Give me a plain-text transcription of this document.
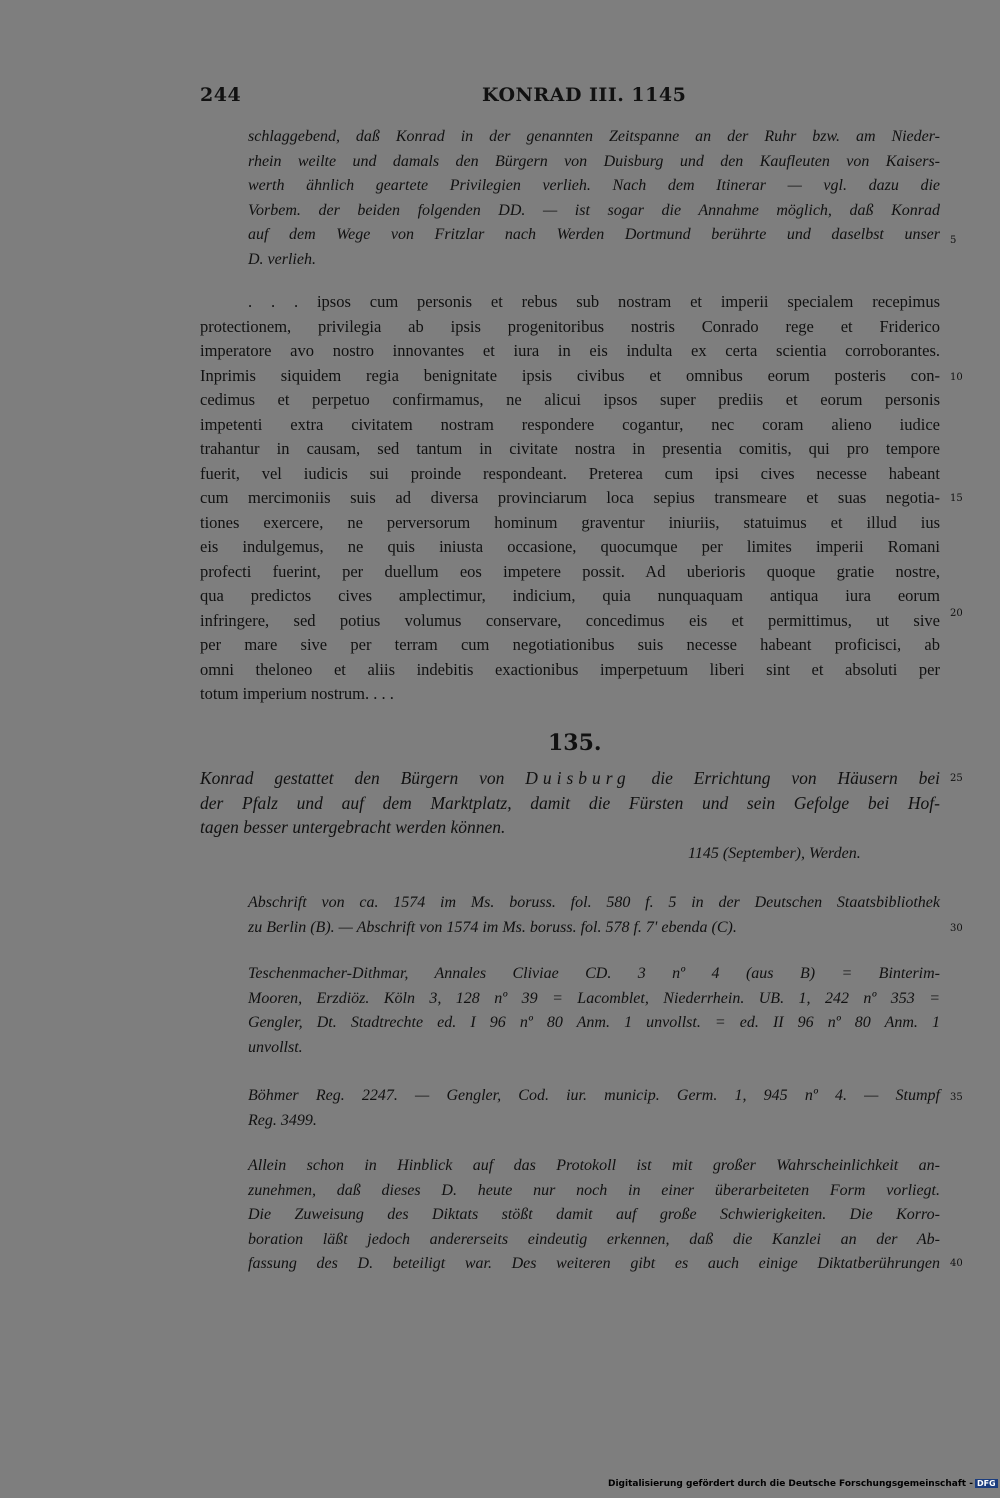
244	KONRAD III. 1145
schlaggebend, daß Konrad in der genannten Zeitspanne an der Ruhr bzw. am Nieder-
rhein weilte und damals den Bürgern von Duisburg und den Kaufleuten von Kaisers-
werth ähnlich geartete Privilegien verlieh. Nach dem Itinerar — vgl. dazu die
Vorbem. der beiden folgenden DD. — ist sogar die Annahme möglich, daß Konrad
auf dem Wege von Fritzlar nach Werden Dortmund berührte und daselbst unser
D. verlieh.
. . . ipsos cum personis et rebus sub nostram et imperii specialem recepimus
protectionem, privilegia ab ipsis progenitoribus nostris Conrado rege et Friderico
imperatore avo nostro innovantes et iura in eis indulta ex certa scientia corroborantes.
Inprimis siquidem regia benignitate ipsis civibus et omnibus eorum posteris con-
cedimus et perpetuo confirmamus, ne alicui ipsos super prediis et eorum personis
impetenti extra civitatem nostram respondere cogantur, nec coram alieno iudice
trahantur in causam, sed tantum in civitate nostra in presentia comitis, qui pro tempore
fuerit, vel iudicis sui proinde respondeant. Preterea cum ipsi cives necesse habeant
cum mercimoniis suis ad diversa provinciarum loca sepius transmeare et suas negotia-
tiones exercere, ne perversorum hominum graventur iniuriis, statuimus et illud ius
eis indulgemus, ne quis iniusta occasione, quocumque per limites imperii Romani
profecti fuerint, per duellum eos impetere possit. Ad uberioris quoque gratie nostre,
qua predictos cives amplectimur, indicium, quia nunquaquam antiqua iura eorum
infringere, sed potius volumus conservare, concedimus eis et permittimus, ut sive
per mare sive per terram cum negotiationibus suis necesse habeant proficisci, ab
omni theloneo et aliis indebitis exactionibus imperpetuum liberi sint et absoluti per
totum imperium nostrum. . . .
135.
Konrad gestattet den Bürgern von Duisburg die Errichtung von Häusern bei
der Pfalz und auf dem Marktplatz, damit die Fürsten und sein Gefolge bei Hof-
tagen besser untergebracht werden können.
1145 (September), Werden.
Abschrift von ca. 1574 im Ms. boruss. fol. 580 f. 5 in der Deutschen Staatsbibliothek
zu Berlin (B). — Abschrift von 1574 im Ms. boruss. fol. 578 f. 7' ebenda (C).
Teschenmacher-Dithmar, Annales Cliviae CD. 3 nº 4 (aus B) = Binterim-
Mooren, Erzdiöz. Köln 3, 128 nº 39 = Lacomblet, Niederrhein. UB. 1, 242 nº 353 =
Gengler, Dt. Stadtrechte ed. I 96 nº 80 Anm. 1 unvollst. = ed. II 96 nº 80 Anm. 1
unvollst.
Böhmer Reg. 2247. — Gengler, Cod. iur. municip. Germ. 1, 945 nº 4. — Stumpf
Reg. 3499.
Allein schon in Hinblick auf das Protokoll ist mit großer Wahrscheinlichkeit an-
zunehmen, daß dieses D. heute nur noch in einer überarbeiteten Form vorliegt.
Die Zuweisung des Diktats stößt damit auf große Schwierigkeiten. Die Korro-
boration läßt jedoch andererseits eindeutig erkennen, daß die Kanzlei an der Ab-
fassung des D. beteiligt war. Des weiteren gibt es auch einige Diktatberührungen
5
10
15
20
25
30
35
40
Digitalisierung gefördert durch die Deutsche Forschungsgemeinschaft - DFG
